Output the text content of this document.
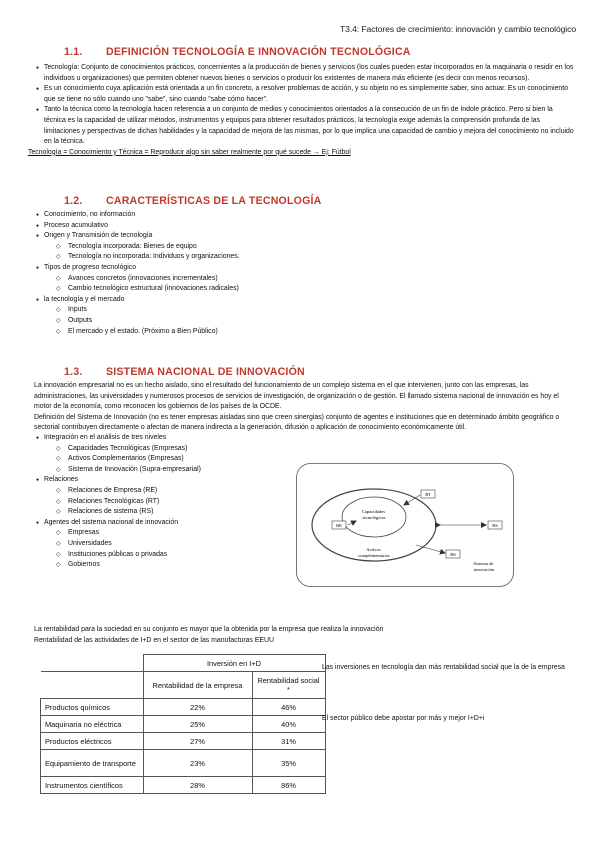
T3.4: Factores de crecimiento: innovación y cambio tecnológico
1.1. DEFINICIÓN TECNOLOGÍA E INNOVACIÓN TECNOLÓGICA
● Tecnología: Conjunto de conocimientos prácticos, concernientes a la producción de bienes y servicios (los cuales pueden estar incorporados en la maquinaria o residir en los individuos u organizaciones) que permiten obtener nuevos bienes o servicios o producir los existentes de manera más eficiente (es decir con menos recursos).
● Es un conocimiento cuya aplicación está orientada a un fin concreto, a resolver problemas de acción, y su objeto no es simplemente saber, sino actuar. Es un conocimiento que se tiene no sólo cuando uno "sabe", sino cuando "sabe cómo hacer".
● Tanto la técnica como la tecnología hacen referencia a un conjunto de medios y conocimientos orientados a la consecución de un fin de índole práctico. Pero si bien la técnica es la capacidad de utilizar métodos, instrumentos y equipos para obtener resultados prácticos, la tecnología exige además la comprensión profunda de las limitaciones y perspectivas de dichas habilidades y la capacidad de mejora de las mismas, por lo que implica una capacidad de cambio y mejora del conocimiento no incluido en la técnica.

Tecnología = Conocimiento y Técnica = Reproducir algo sin saber realmente por qué sucede → Ej: Fútbol

1.2. CARACTERÍSTICAS DE LA TECNOLOGÍA
● Conocimiento, no información
● Proceso acumulativo
● Origen y Transmisión de tecnología
◇ Tecnología incorporada: Bienes de equipo
◇ Tecnología no incorporada: Individuos y organizaciones.
● Tipos de progreso tecnológico
◇ Avances concretos (innovaciones incrementales)
◇ Cambio tecnológico estructural (innovaciones radicales)
● la tecnología y el mercado
◇ Inputs
◇ Outputs
◇ El mercado y el estado. (Próximo a Bien Público)
1.3. SISTEMA NACIONAL DE INNOVACIÓN

La innovación empresarial no es un hecho aislado, sino el resultado del funcionamiento de un complejo sistema en el que intervienen, junto con las empresas, las administraciones, las universidades y numerosos procesos de servicios de investigación, de organización o de gestión. El llamado sistema nacional de innovación es hoy el motor de la economía, como reconocen los gobiernos de los países de la OCDE.

Definición del Sistema de Innovación (no es tener empresas aisladas sino que creen sinergias) conjunto de agentes e instituciones que en determinado ámbito geográfico o sectorial contribuyen directamente o afectan de manera indirecta a la generación, difusión o aplicación de conocimiento económicamente útil.

● Integración en el análisis de tres niveles
◇ Capacidades Tecnológicas (Empresas)
◇ Activos Complementarios (Empresas)
◇ Sistema de Innovación (Supra-empresarial)
● Relaciones
◇ Relaciones de Empresa (RE)
◇ Relaciones Tecnológicas (RT)
◇ Relaciones de sistema (RS)
● Agentes del sistema nacional de innovación
◇ Empresas
◇ Universidades
◇ Instituciones públicas o privadas
◇ Gobiernos
Capacidades tecnológicas
Activos complementarios
Sistema de innovación
RE
RT
RS
RS

La rentabilidad para la sociedad en su conjunto es mayor que la obtenida por la empresa que realiza la innovación

Rentabilidad de las actividades de I+D en el sector de las manufacturas EEUU

	Inversión en I+D	
	Rentabilidad de la empresa	Rentabilidad social *
Productos químicos	22%	46%
Maquinaria no eléctrica	25%	40%
Productos eléctricos	27%	31%
Equipamiento de transporte	23%	35%
Instrumentos científicos	28%	86%
Las inversiones en tecnología dan más rentabilidad social que la de la empresa
El sector público debe apostar por más y mejor I+D+i
